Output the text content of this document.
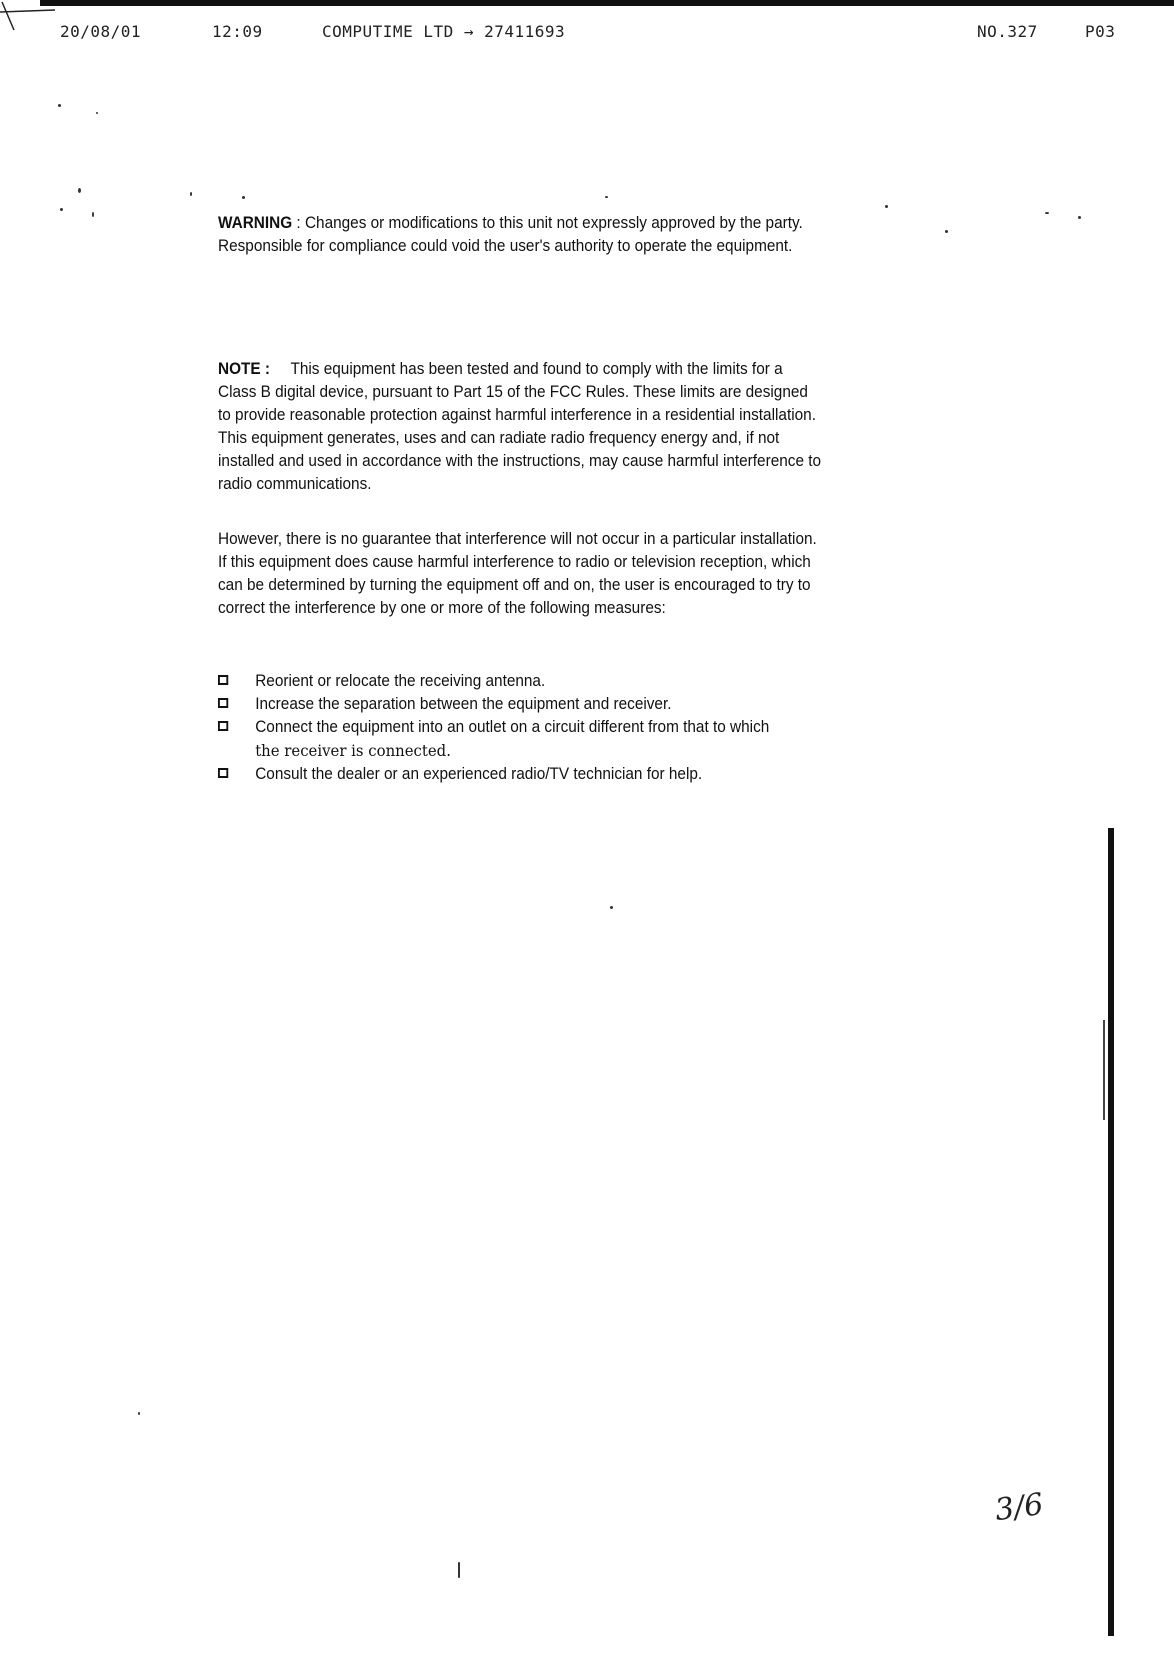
20/08/01	12:09	COMPUTIME LTD → 27411693	NO.327	P03

WARNING : Changes or modifications to this unit not expressly approved by the party. Responsible for compliance could void the user's authority to operate the equipment.

NOTE : This equipment has been tested and found to comply with the limits for a Class B digital device, pursuant to Part 15 of the FCC Rules. These limits are designed to provide reasonable protection against harmful interference in a residential installation. This equipment generates, uses and can radiate radio frequency energy and, if not installed and used in accordance with the instructions, may cause harmful interference to radio communications.

However, there is no guarantee that interference will not occur in a particular installation. If this equipment does cause harmful interference to radio or television reception, which can be determined by turning the equipment off and on, the user is encouraged to try to correct the interference by one or more of the following measures:

Reorient or relocate the receiving antenna.
Increase the separation between the equipment and receiver.
Connect the equipment into an outlet on a circuit different from that to which
the receiver is connected.
Consult the dealer or an experienced radio/TV technician for help.
3/6
